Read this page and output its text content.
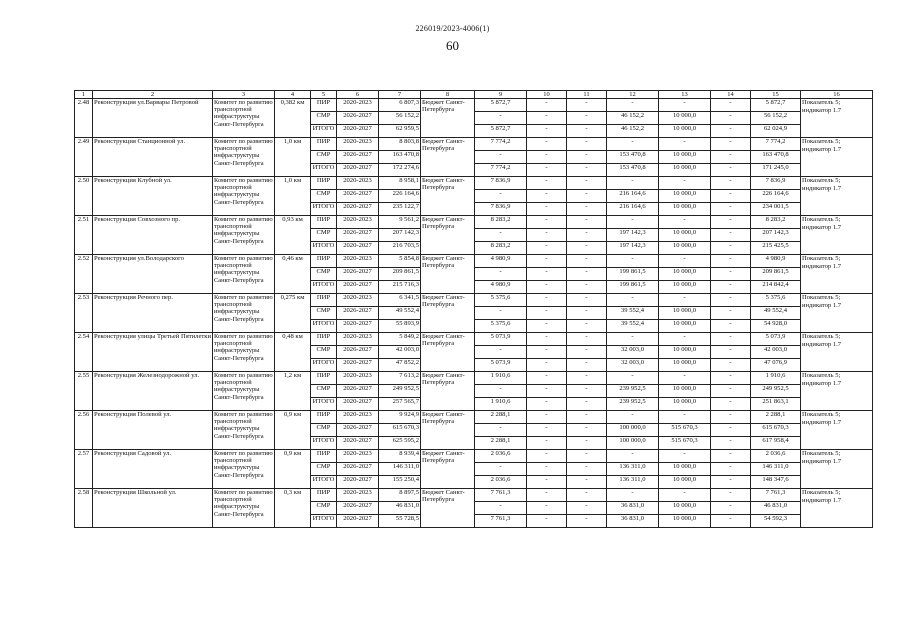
226019/2023-4006(1)
60
1	2	3	4	5	6	7	8	9	10	11	12	13	14	15	16
2.48	Реконструкция ул.Варвары Петровой	Комитет по развитию транспортной инфраструктуры Санкт-Петербурга	0,382 км	ПИР	2020-2023	6 807,3	Бюджет Санкт-Петербурга	5 872,7	-	-	-	-	-	5 872,7	Показатель 5; индикатор 1.7
				СМР	2026-2027	56 152,2		-	-	-	46 152,2	10 000,0	-	56 152,2	
				ИТОГО	2020-2027	62 959,5		5 872,7	-	-	46 152,2	10 000,0	-	62 024,9	
2.49	Реконструкция Станционной ул.	Комитет по развитию транспортной инфраструктуры Санкт-Петербурга	1,0 км	ПИР	2020-2023	8 803,8	Бюджет Санкт-Петербурга	7 774,2	-	-	-	-	-	7 774,2	Показатель 5; индикатор 1.7
				СМР	2026-2027	163 470,8		-	-	-	153 470,8	10 000,0	-	163 470,8	
				ИТОГО	2020-2027	172 274,6		7 774,2	-	-	153 470,8	10 000,0	-	171 245,0	
2.50	Реконструкция Клубной ул.	Комитет по развитию транспортной инфраструктуры Санкт-Петербурга	1,0 км	ПИР	2020-2023	8 958,1	Бюджет Санкт-Петербурга	7 836,9	-	-	-	-	-	7 836,9	Показатель 5; индикатор 1.7
				СМР	2026-2027	226 164,6		-	-	-	216 164,6	10 000,0	-	226 164,6	
				ИТОГО	2020-2027	235 122,7		7 836,9	-	-	216 164,6	10 000,0	-	234 001,5	
2.51	Реконструкция Совхозного пр.	Комитет по развитию транспортной инфраструктуры Санкт-Петербурга	0,93 км	ПИР	2020-2023	9 561,2	Бюджет Санкт-Петербурга	8 283,2	-	-	-	-	-	8 283,2	Показатель 5; индикатор 1.7
				СМР	2026-2027	207 142,3		-	-	-	197 142,3	10 000,0	-	207 142,3	
				ИТОГО	2020-2027	216 703,5		8 283,2	-	-	197 142,3	10 000,0	-	215 425,5	
2.52	Реконструкция ул.Володарского	Комитет по развитию транспортной инфраструктуры Санкт-Петербурга	0,46 км	ПИР	2020-2023	5 854,8	Бюджет Санкт-Петербурга	4 980,9	-	-	-	-	-	4 980,9	Показатель 5; индикатор 1.7
				СМР	2026-2027	209 861,5		-	-	-	199 861,5	10 000,0	-	209 861,5	
				ИТОГО	2020-2027	215 716,3		4 980,9	-	-	199 861,5	10 000,0	-	214 842,4	
2.53	Реконструкция Речного пер.	Комитет по развитию транспортной инфраструктуры Санкт-Петербурга	0,275 км	ПИР	2020-2023	6 341,5	Бюджет Санкт-Петербурга	5 375,6	-	-	-	-	-	5 375,6	Показатель 5; индикатор 1.7
				СМР	2026-2027	49 552,4		-	-	-	39 552,4	10 000,0	-	49 552,4	
				ИТОГО	2020-2027	55 893,9		5 375,6	-	-	39 552,4	10 000,0	-	54 928,0	
2.54	Реконструкция улицы Третьей Пятилетки	Комитет по развитию транспортной инфраструктуры Санкт-Петербурга	0,48 км	ПИР	2020-2023	5 849,2	Бюджет Санкт-Петербурга	5 073,9	-	-	-	-	-	5 073,9	Показатель 5; индикатор 1.7
				СМР	2026-2027	42 003,0		-	-	-	32 003,0	10 000,0	-	42 003,0	
				ИТОГО	2020-2027	47 852,2		5 073,9	-	-	32 003,0	10 000,0	-	47 076,9	
2.55	Реконструкция Железнодорожной ул.	Комитет по развитию транспортной инфраструктуры Санкт-Петербурга	1,2 км	ПИР	2020-2023	7 613,2	Бюджет Санкт-Петербурга	1 910,6	-	-	-	-	-	1 910,6	Показатель 5; индикатор 1.7
				СМР	2026-2027	249 952,5		-	-	-	239 952,5	10 000,0	-	249 952,5	
				ИТОГО	2020-2027	257 565,7		1 910,6	-	-	239 952,5	10 000,0	-	251 863,1	
2.56	Реконструкция Полевой ул.	Комитет по развитию транспортной инфраструктуры Санкт-Петербурга	0,9 км	ПИР	2020-2023	9 924,9	Бюджет Санкт-Петербурга	2 288,1	-	-	-	-	-	2 288,1	Показатель 5; индикатор 1.7
				СМР	2026-2027	615 670,3		-	-	-	100 000,0	515 670,3	-	615 670,3	
				ИТОГО	2020-2027	625 595,2		2 288,1	-	-	100 000,0	515 670,3	-	617 958,4	
2.57	Реконструкция Садовой ул.	Комитет по развитию транспортной инфраструктуры Санкт-Петербурга	0,9 км	ПИР	2020-2023	8 939,4	Бюджет Санкт-Петербурга	2 036,6	-	-	-	-	-	2 036,6	Показатель 5; индикатор 1.7
				СМР	2026-2027	146 311,0		-	-	-	136 311,0	10 000,0	-	146 311,0	
				ИТОГО	2020-2027	155 250,4		2 036,6	-	-	136 311,0	10 000,0	-	148 347,6	
2.58	Реконструкция Школьной ул.	Комитет по развитию транспортной инфраструктуры Санкт-Петербурга	0,3 км	ПИР	2020-2023	8 897,5	Бюджет Санкт-Петербурга	7 761,3	-	-	-	-	-	7 761,3	Показатель 5; индикатор 1.7
				СМР	2026-2027	46 831,0		-	-	-	36 831,0	10 000,0	-	46 831,0	
				ИТОГО	2020-2027	55 728,5		7 761,3	-	-	36 831,0	10 000,0	-	54 592,3	
